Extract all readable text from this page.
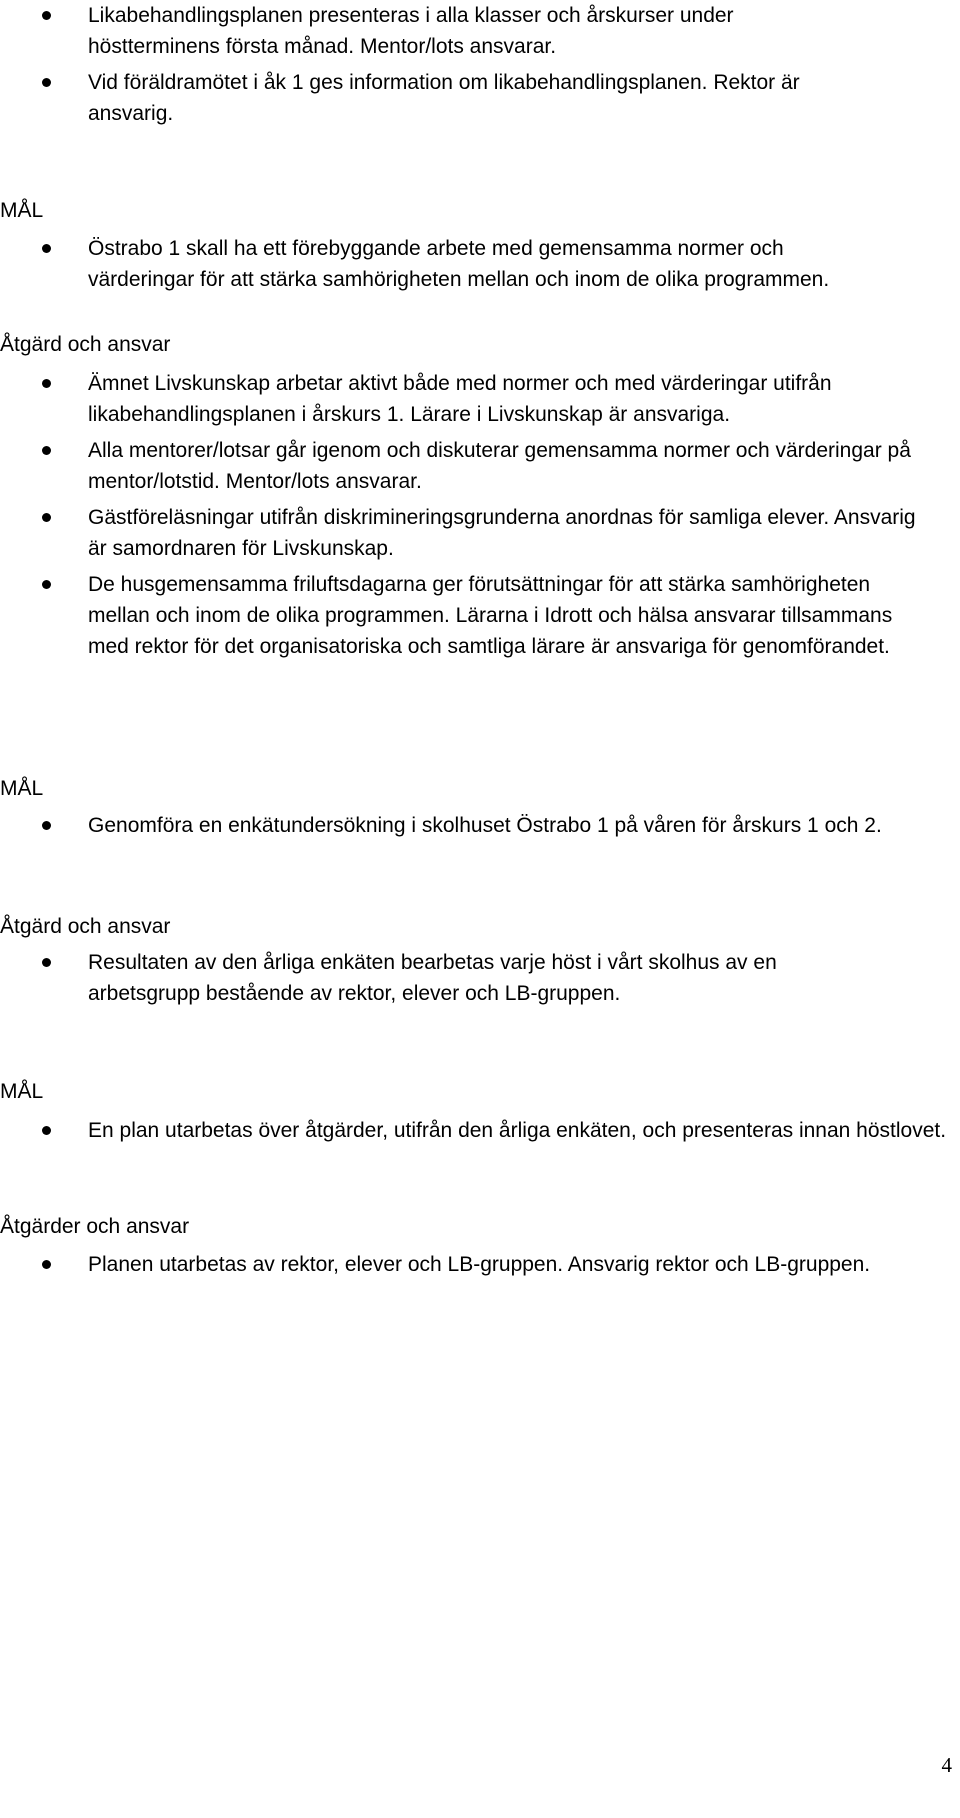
Likabehandlingsplanen presenteras i alla klasser och årskurser under höstterminens första månad. Mentor/lots ansvarar.
Vid föräldramötet i åk 1 ges information om likabehandlingsplanen. Rektor är ansvarig.
MÅL
Östrabo 1 skall ha ett förebyggande arbete med gemensamma normer och värderingar för att stärka samhörigheten mellan och inom de olika programmen.
Åtgärd och ansvar
Ämnet Livskunskap arbetar aktivt både med normer och med värderingar utifrån likabehandlingsplanen i årskurs 1. Lärare i Livskunskap är ansvariga.
Alla mentorer/lotsar går igenom och diskuterar gemensamma normer och värderingar på mentor/lotstid. Mentor/lots ansvarar.
Gästföreläsningar utifrån diskrimineringsgrunderna anordnas för samliga elever. Ansvarig är samordnaren för Livskunskap.
De husgemensamma friluftsdagarna ger förutsättningar för att stärka samhörigheten mellan och inom de olika programmen. Lärarna i Idrott och hälsa ansvarar tillsammans med rektor för det organisatoriska och samtliga lärare är ansvariga för genomförandet.
MÅL
Genomföra en enkätundersökning i skolhuset Östrabo 1 på våren för årskurs 1 och 2.
Åtgärd och ansvar
Resultaten av den årliga enkäten bearbetas varje höst i vårt skolhus av en arbetsgrupp bestående av rektor, elever och LB-gruppen.
MÅL
En plan utarbetas över åtgärder, utifrån den årliga enkäten, och presenteras innan höstlovet.
Åtgärder och ansvar
Planen utarbetas av rektor, elever och LB-gruppen. Ansvarig rektor och LB-gruppen.
4
